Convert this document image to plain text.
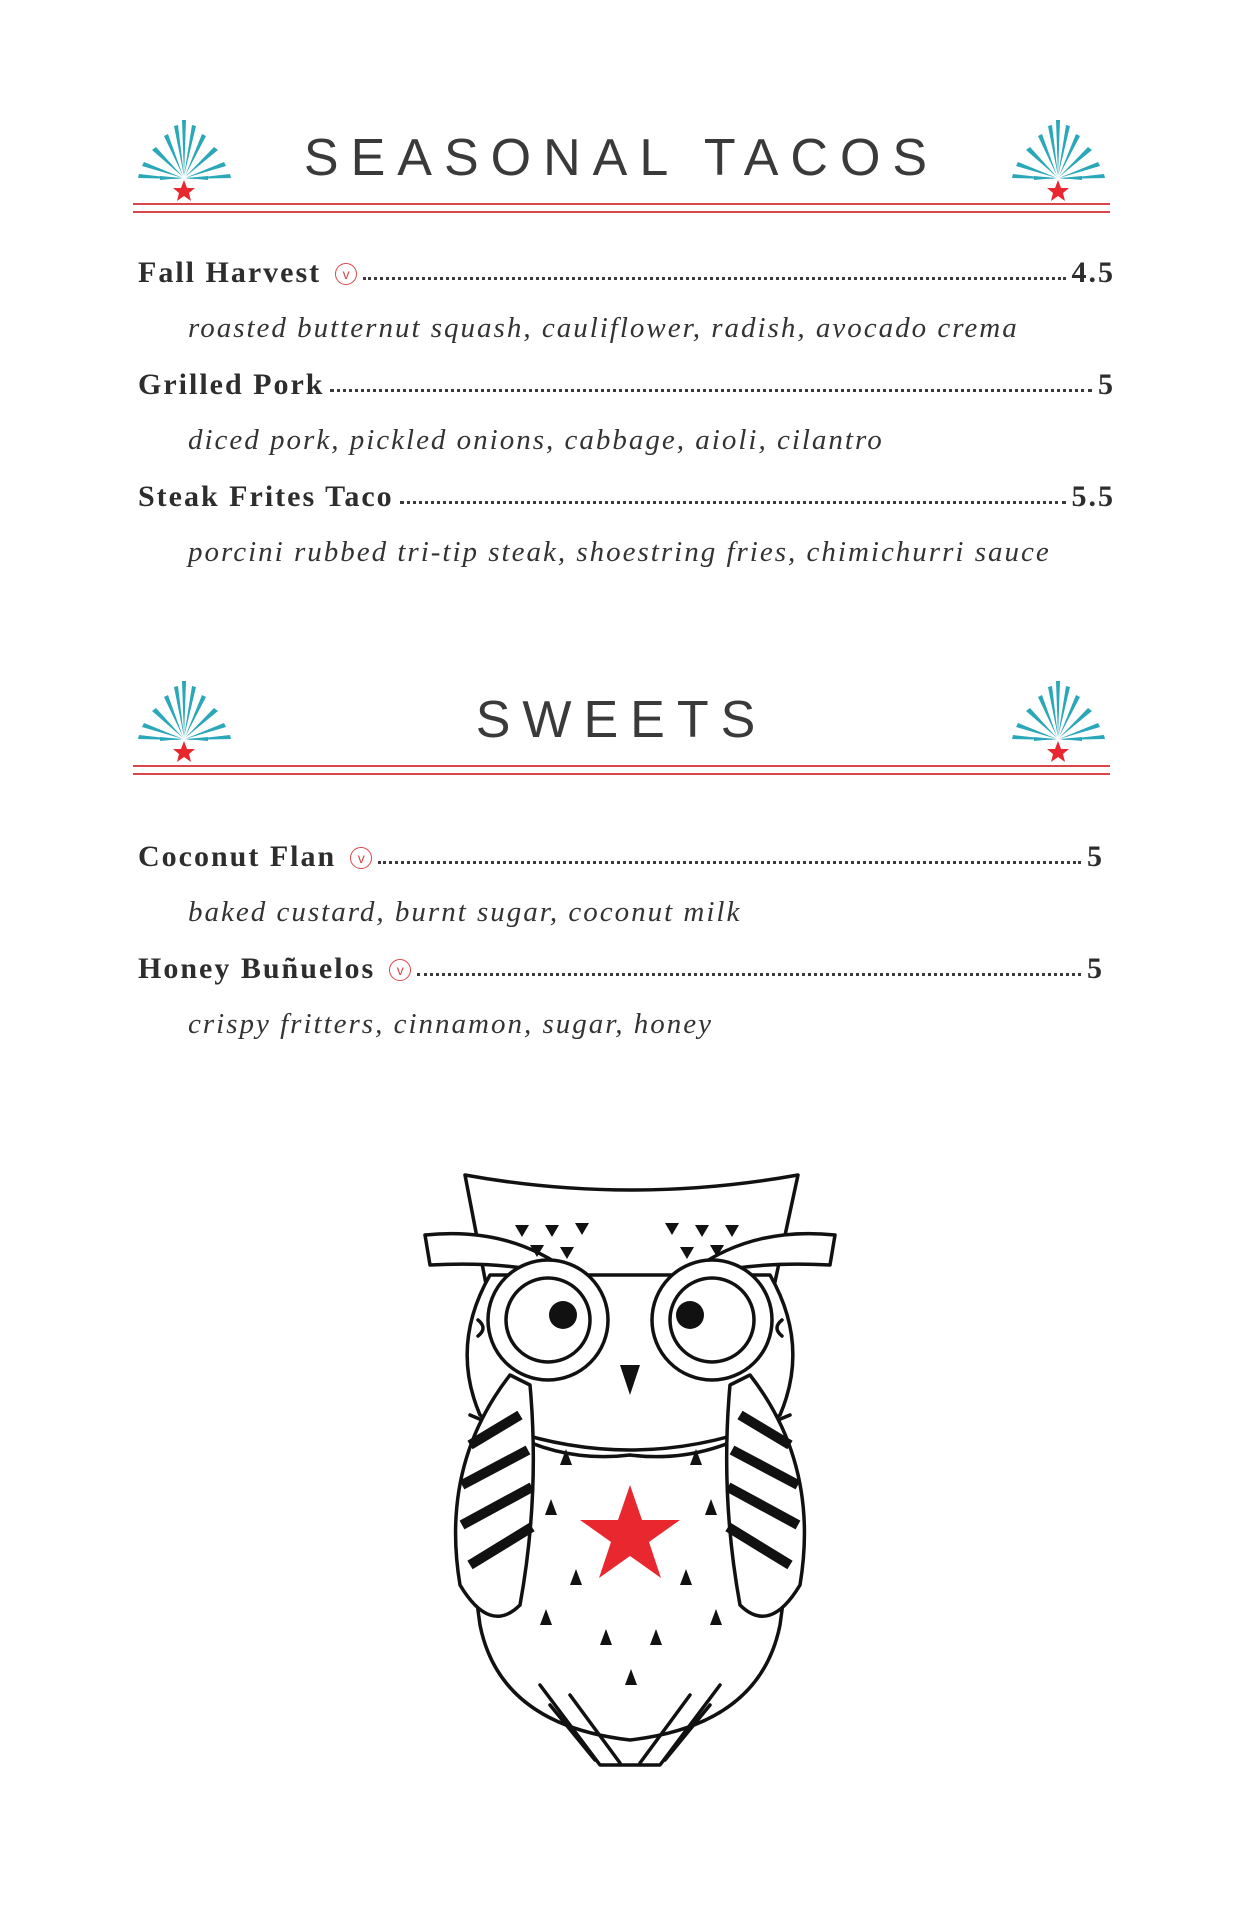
SEASONAL TACOS
Fall Harvest	v	4.5
roasted butternut squash, cauliflower, radish, avocado crema
Grilled Pork	5
diced pork, pickled onions, cabbage, aioli, cilantro
Steak Frites Taco	5.5
porcini rubbed tri-tip steak, shoestring fries, chimichurri sauce
SWEETS
Coconut Flan	v	5
baked custard, burnt sugar, coconut milk
Honey Buñuelos	v	5
crispy fritters, cinnamon, sugar, honey
